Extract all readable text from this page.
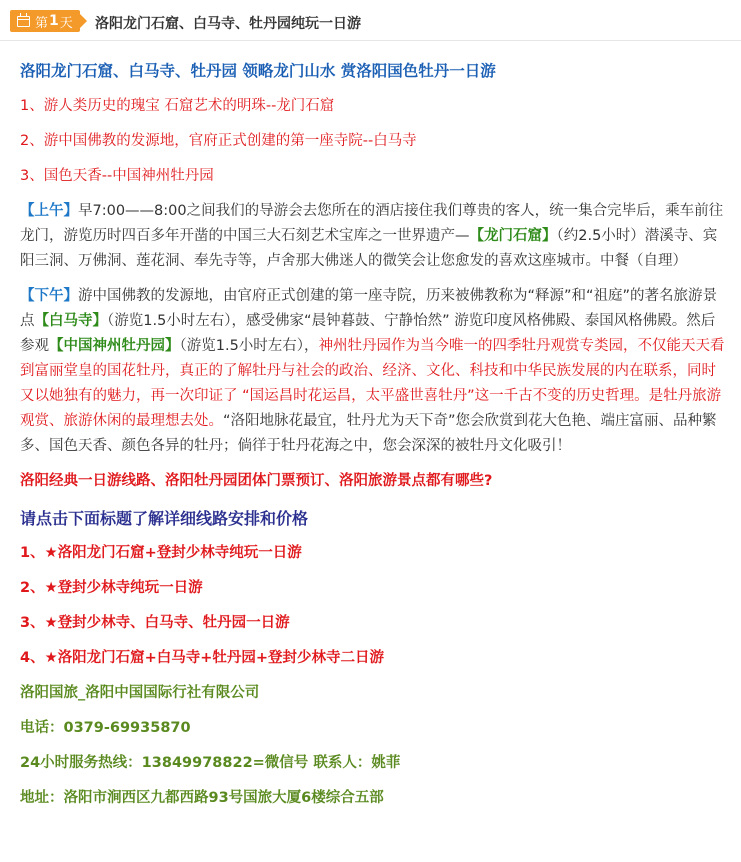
第 1 天 洛阳龙门石窟、白马寺、牡丹园纯玩一日游

洛阳龙门石窟、白马寺、牡丹园 领略龙门山水 赏洛阳国色牡丹一日游

1、游人类历史的瑰宝 石窟艺术的明珠--龙门石窟

2、游中国佛教的发源地，官府正式创建的第一座寺院--白马寺

3、国色天香--中国神州牡丹园

【上午】早7:00——8:00之间我们的导游会去您所在的酒店接住我们尊贵的客人，统一集合完毕后，乘车前往龙门，游览历时四百多年开凿的中国三大石刻艺术宝库之一世界遗产—【龙门石窟】（约2.5小时）潜溪寺、宾阳三洞、万佛洞、莲花洞、奉先寺等，卢舍那大佛迷人的微笑会让您愈发的喜欢这座城市。中餐（自理）

【下午】游中国佛教的发源地，由官府正式创建的第一座寺院，历来被佛教称为“释源”和“祖庭”的著名旅游景点【白马寺】（游览1.5小时左右），感受佛家“晨钟暮鼓、宁静怡然” 游览印度风格佛殿、泰国风格佛殿。然后参观【中国神州牡丹园】（游览1.5小时左右），神州牡丹园作为当今唯一的四季牡丹观赏专类园，不仅能天天看到富丽堂皇的国花牡丹，真正的了解牡丹与社会的政治、经济、文化、科技和中华民族发展的内在联系，同时又以她独有的魅力，再一次印证了 “国运昌时花运昌，太平盛世喜牡丹”这一千古不变的历史哲理。是牡丹旅游观赏、旅游休闲的最理想去处。“洛阳地脉花最宜，牡丹尤为天下奇”您会欣赏到花大色艳、端庄富丽、品种繁多、国色天香、颜色各异的牡丹；倘徉于牡丹花海之中，您会深深的被牡丹文化吸引！

洛阳经典一日游线路、洛阳牡丹园团体门票预订、洛阳旅游景点都有哪些?

请点击下面标题了解详细线路安排和价格

1、★洛阳龙门石窟+登封少林寺纯玩一日游

2、★登封少林寺纯玩一日游

3、★登封少林寺、白马寺、牡丹园一日游

4、★洛阳龙门石窟+白马寺+牡丹园+登封少林寺二日游

洛阳国旅_洛阳中国国际行社有限公司

电话：0379-69935870

24小时服务热线：13849978822=微信号 联系人：姚菲

地址：洛阳市涧西区九都西路93号国旅大厦6楼综合五部
